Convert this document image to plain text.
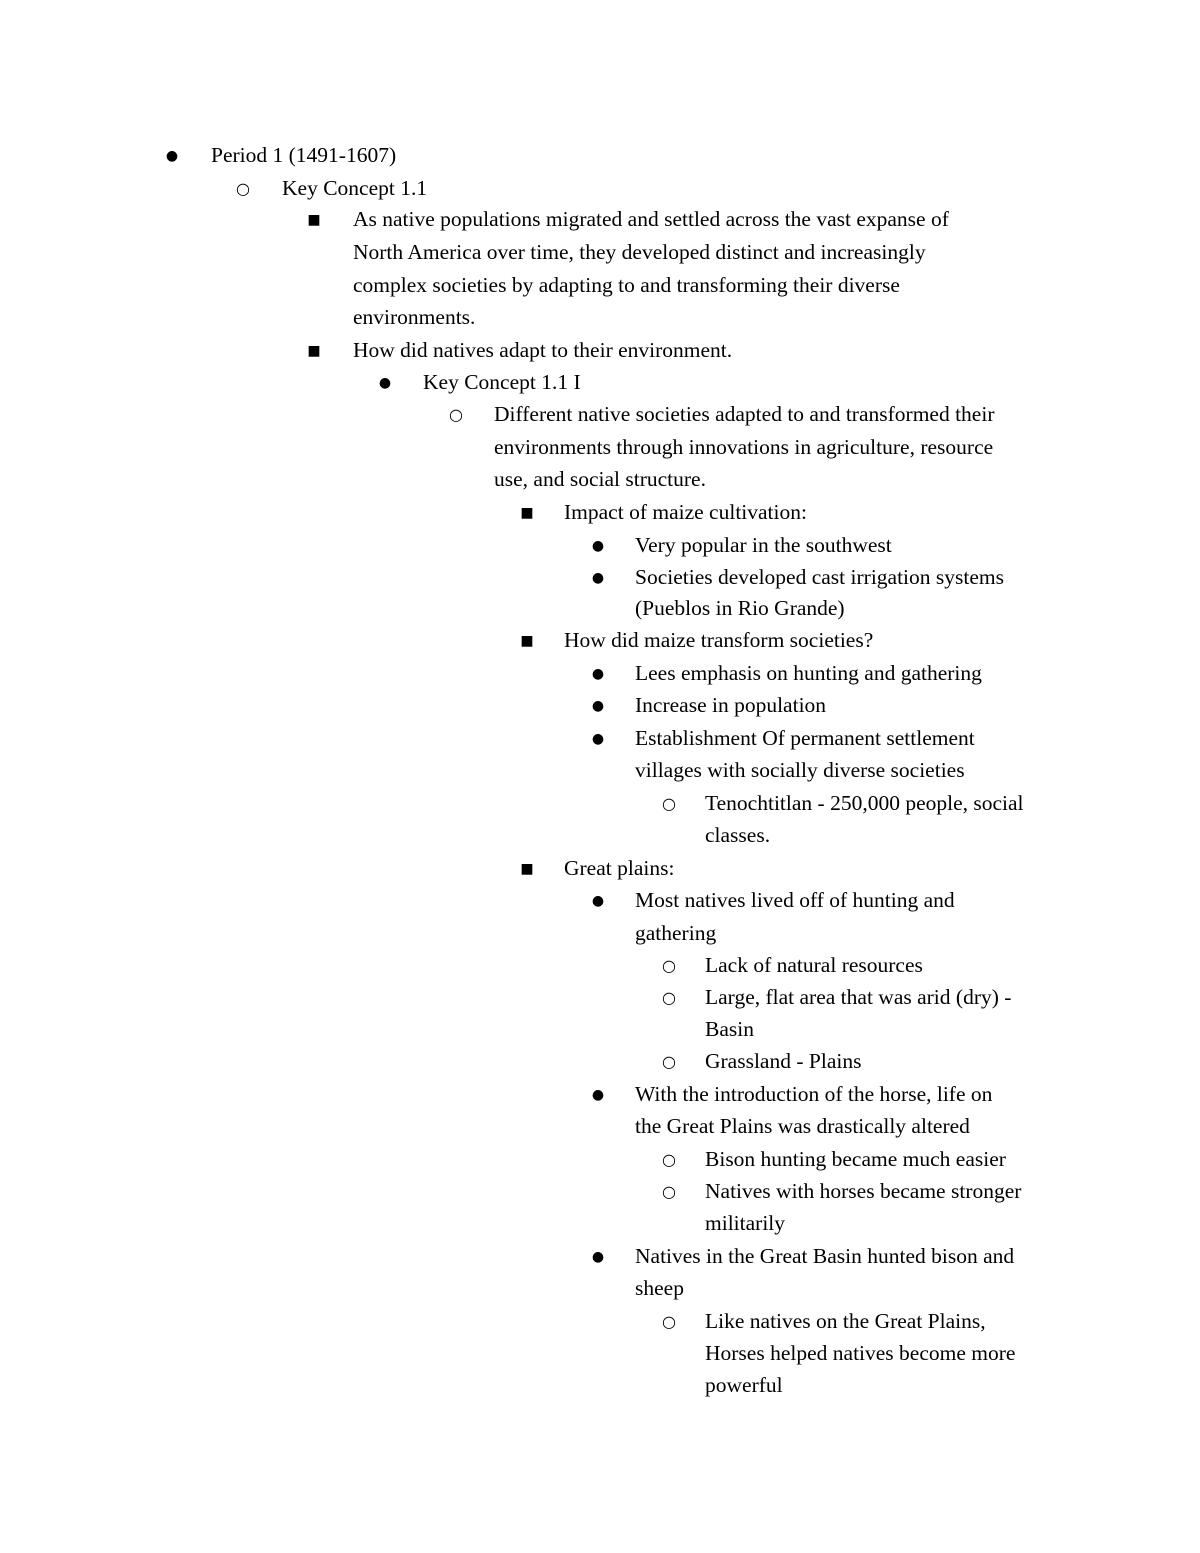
● Period 1 (1491-1607)
○ Key Concept 1.1
■ As native populations migrated and settled across the vast expanse of
North America over time, they developed distinct and increasingly
complex societies by adapting to and transforming their diverse
environments.
■ How did natives adapt to their environment.
● Key Concept 1.1 I
○ Different native societies adapted to and transformed their
environments through innovations in agriculture, resource
use, and social structure.
■ Impact of maize cultivation:
● Very popular in the southwest
● Societies developed cast irrigation systems
(Pueblos in Rio Grande)
■ How did maize transform societies?
● Lees emphasis on hunting and gathering
● Increase in population
● Establishment Of permanent settlement
villages with socially diverse societies
○ Tenochtitlan - 250,000 people, social
classes.
■ Great plains:
● Most natives lived off of hunting and
gathering
○ Lack of natural resources
○ Large, flat area that was arid (dry) -
Basin
○ Grassland - Plains
● With the introduction of the horse, life on
the Great Plains was drastically altered
○ Bison hunting became much easier
○ Natives with horses became stronger
militarily
● Natives in the Great Basin hunted bison and
sheep
○ Like natives on the Great Plains,
Horses helped natives become more
powerful
